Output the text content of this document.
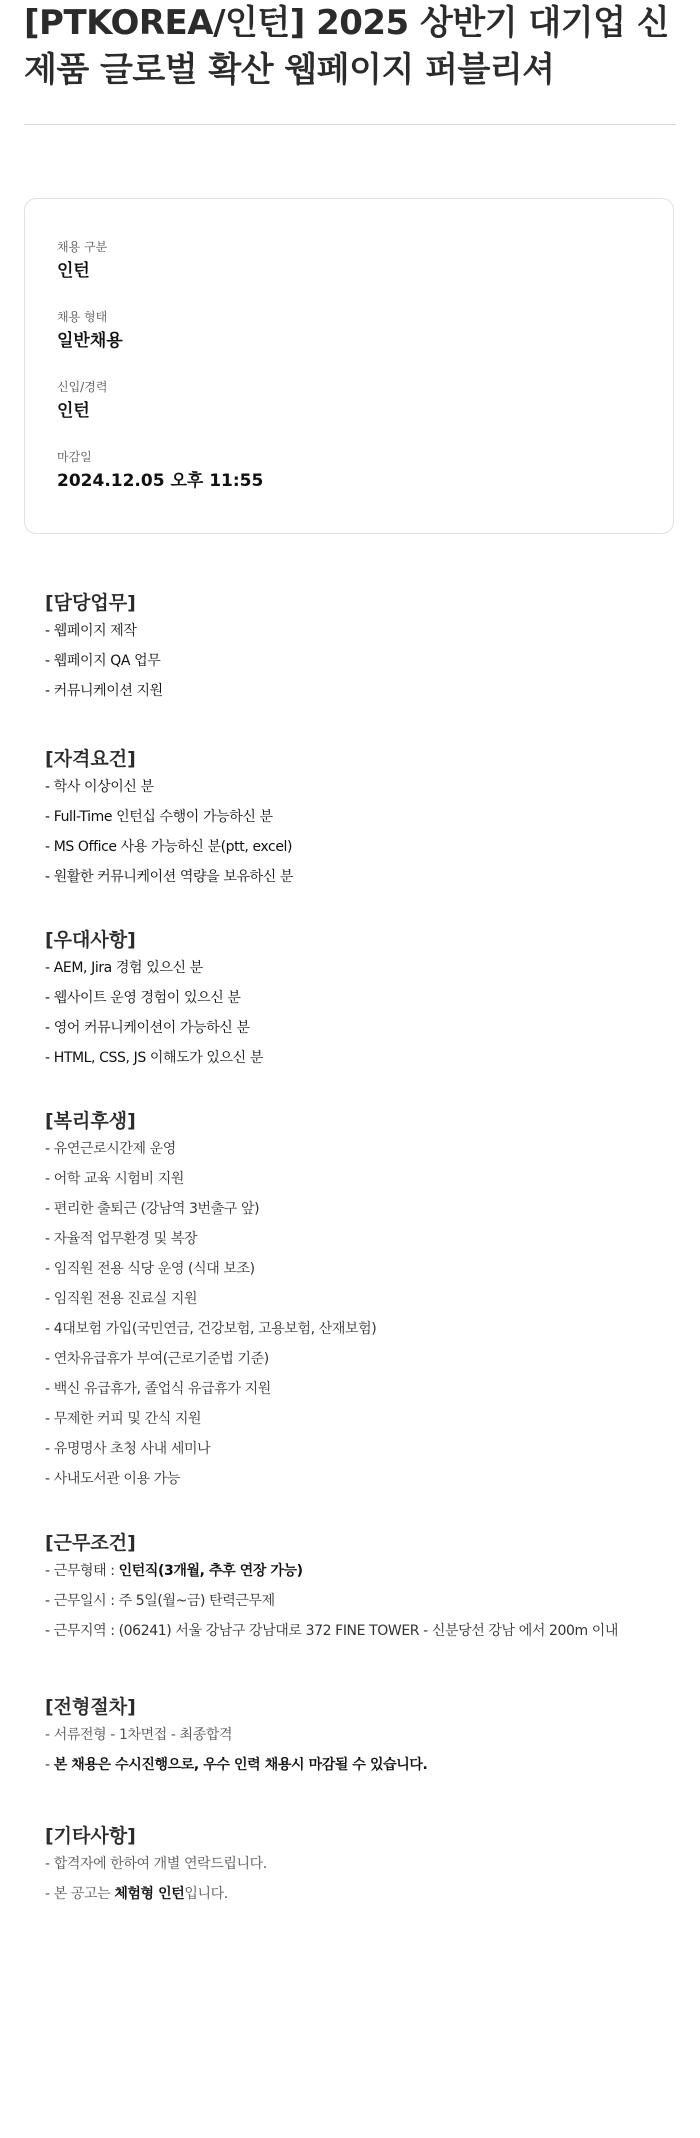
[PTKOREA/인턴] 2025 상반기 대기업 신제품 글로벌 확산 웹페이지 퍼블리셔
채용 구분
인턴
채용 형태
일반채용
신입/경력
인턴
마감일
2024.12.05 오후 11:55
[담당업무]

- 웹페이지 제작

- 웹페이지 QA 업무

- 커뮤니케이션 지원

[자격요건]

- 학사 이상이신 분

- Full-Time 인턴십 수행이 가능하신 분

- MS Office 사용 가능하신 분(ptt, excel)

- 원활한 커뮤니케이션 역량을 보유하신 분

[우대사항]

- AEM, Jira 경험 있으신 분

- 웹사이트 운영 경험이 있으신 분

- 영어 커뮤니케이션이 가능하신 분

- HTML, CSS, JS 이해도가 있으신 분

[복리후생]

- 유연근로시간제 운영

- 어학 교육 시험비 지원

- 편리한 출퇴근 (강남역 3번출구 앞)

- 자율적 업무환경 및 복장

- 임직원 전용 식당 운영 (식대 보조)

- 임직원 전용 진료실 지원

- 4대보험 가입(국민연금, 건강보험, 고용보험, 산재보험)

- 연차유급휴가 부여(근로기준법 기준)

- 백신 유급휴가, 졸업식 유급휴가 지원

- 무제한 커피 및 간식 지원

- 유명명사 초청 사내 세미나

- 사내도서관 이용 가능

[근무조건]

- 근무형태 : 인턴직(3개월, 추후 연장 가능)

- 근무일시 : 주 5일(월~금) 탄력근무제

- 근무지역 : (06241) 서울 강남구 강남대로 372 FINE TOWER - 신분당선 강남 에서 200m 이내

[전형절차]

- 서류전형 - 1차면접 - 최종합격

- 본 채용은 수시진행으로, 우수 인력 채용시 마감될 수 있습니다.

[기타사항]

- 합격자에 한하여 개별 연락드립니다.

- 본 공고는 체험형 인턴입니다.
